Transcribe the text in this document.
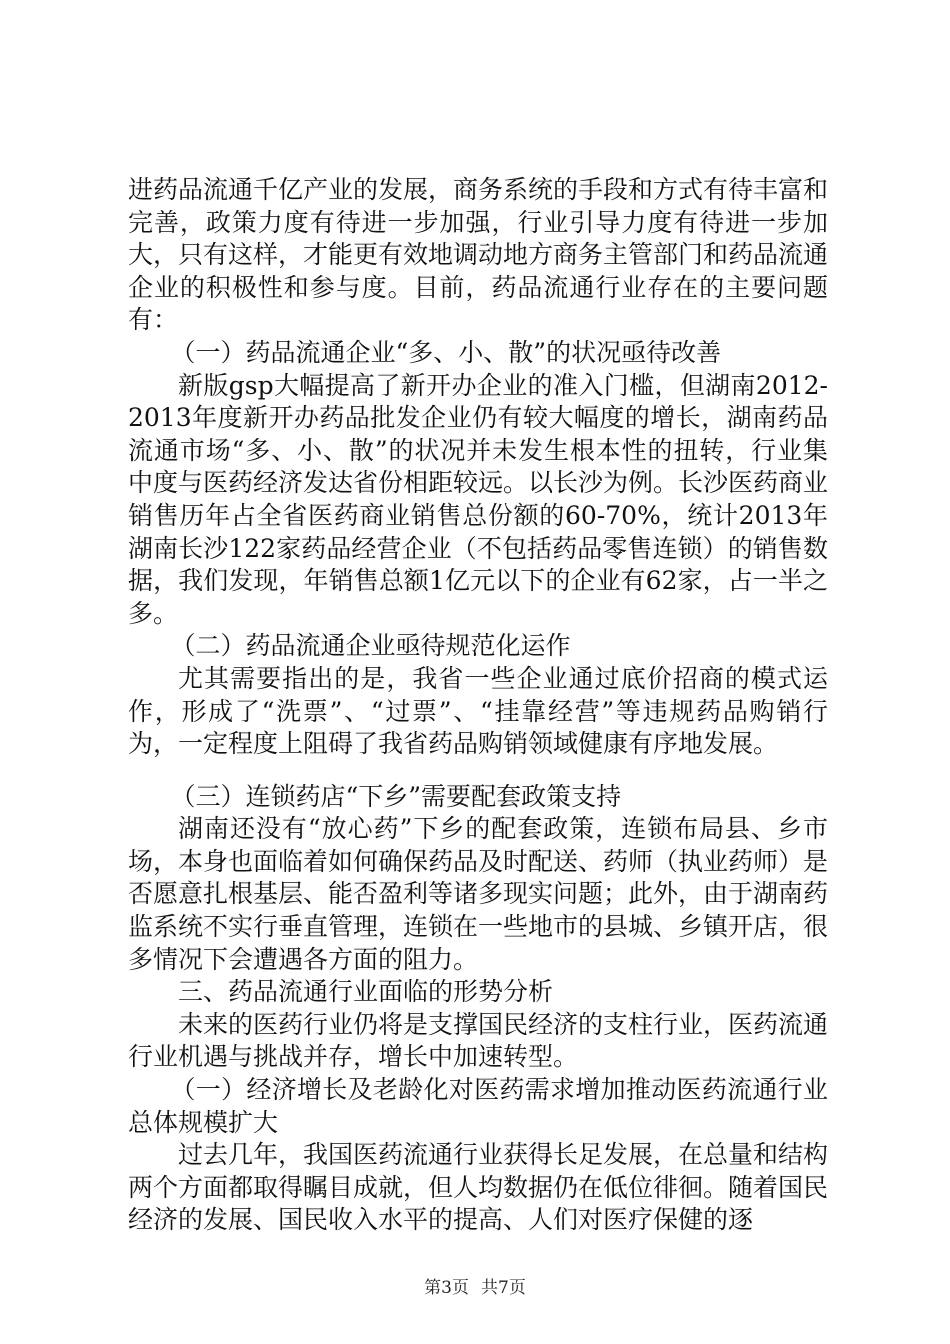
进药品流通千亿产业的发展，商务系统的手段和方式有待丰富和完善，政策力度有待进一步加强，行业引导力度有待进一步加大，只有这样，才能更有效地调动地方商务主管部门和药品流通企业的积极性和参与度。目前，药品流通行业存在的主要问题有：

（一）药品流通企业“多、小、散”的状况亟待改善

新版gsp大幅提高了新开办企业的准入门槛，但湖南2012-2013年度新开办药品批发企业仍有较大幅度的增长，湖南药品流通市场“多、小、散”的状况并未发生根本性的扭转，行业集中度与医药经济发达省份相距较远。以长沙为例。长沙医药商业销售历年占全省医药商业销售总份额的60-70%，统计2013年湖南长沙122家药品经营企业（不包括药品零售连锁）的销售数据，我们发现，年销售总额1亿元以下的企业有62家，占一半之多。

（二）药品流通企业亟待规范化运作

尤其需要指出的是，我省一些企业通过底价招商的模式运作，形成了“洗票”、“过票”、“挂靠经营”等违规药品购销行为，一定程度上阻碍了我省药品购销领域健康有序地发展。

（三）连锁药店“下乡”需要配套政策支持

湖南还没有“放心药”下乡的配套政策，连锁布局县、乡市场，本身也面临着如何确保药品及时配送、药师（执业药师）是否愿意扎根基层、能否盈利等诸多现实问题；此外，由于湖南药监系统不实行垂直管理，连锁在一些地市的县城、乡镇开店，很多情况下会遭遇各方面的阻力。

三、药品流通行业面临的形势分析

未来的医药行业仍将是支撑国民经济的支柱行业，医药流通行业机遇与挑战并存，增长中加速转型。

（一）经济增长及老龄化对医药需求增加推动医药流通行业总体规模扩大

过去几年，我国医药流通行业获得长足发展，在总量和结构两个方面都取得瞩目成就，但人均数据仍在低位徘徊。随着国民经济的发展、国民收入水平的提高、人们对医疗保健的逐

第3页 共7页
